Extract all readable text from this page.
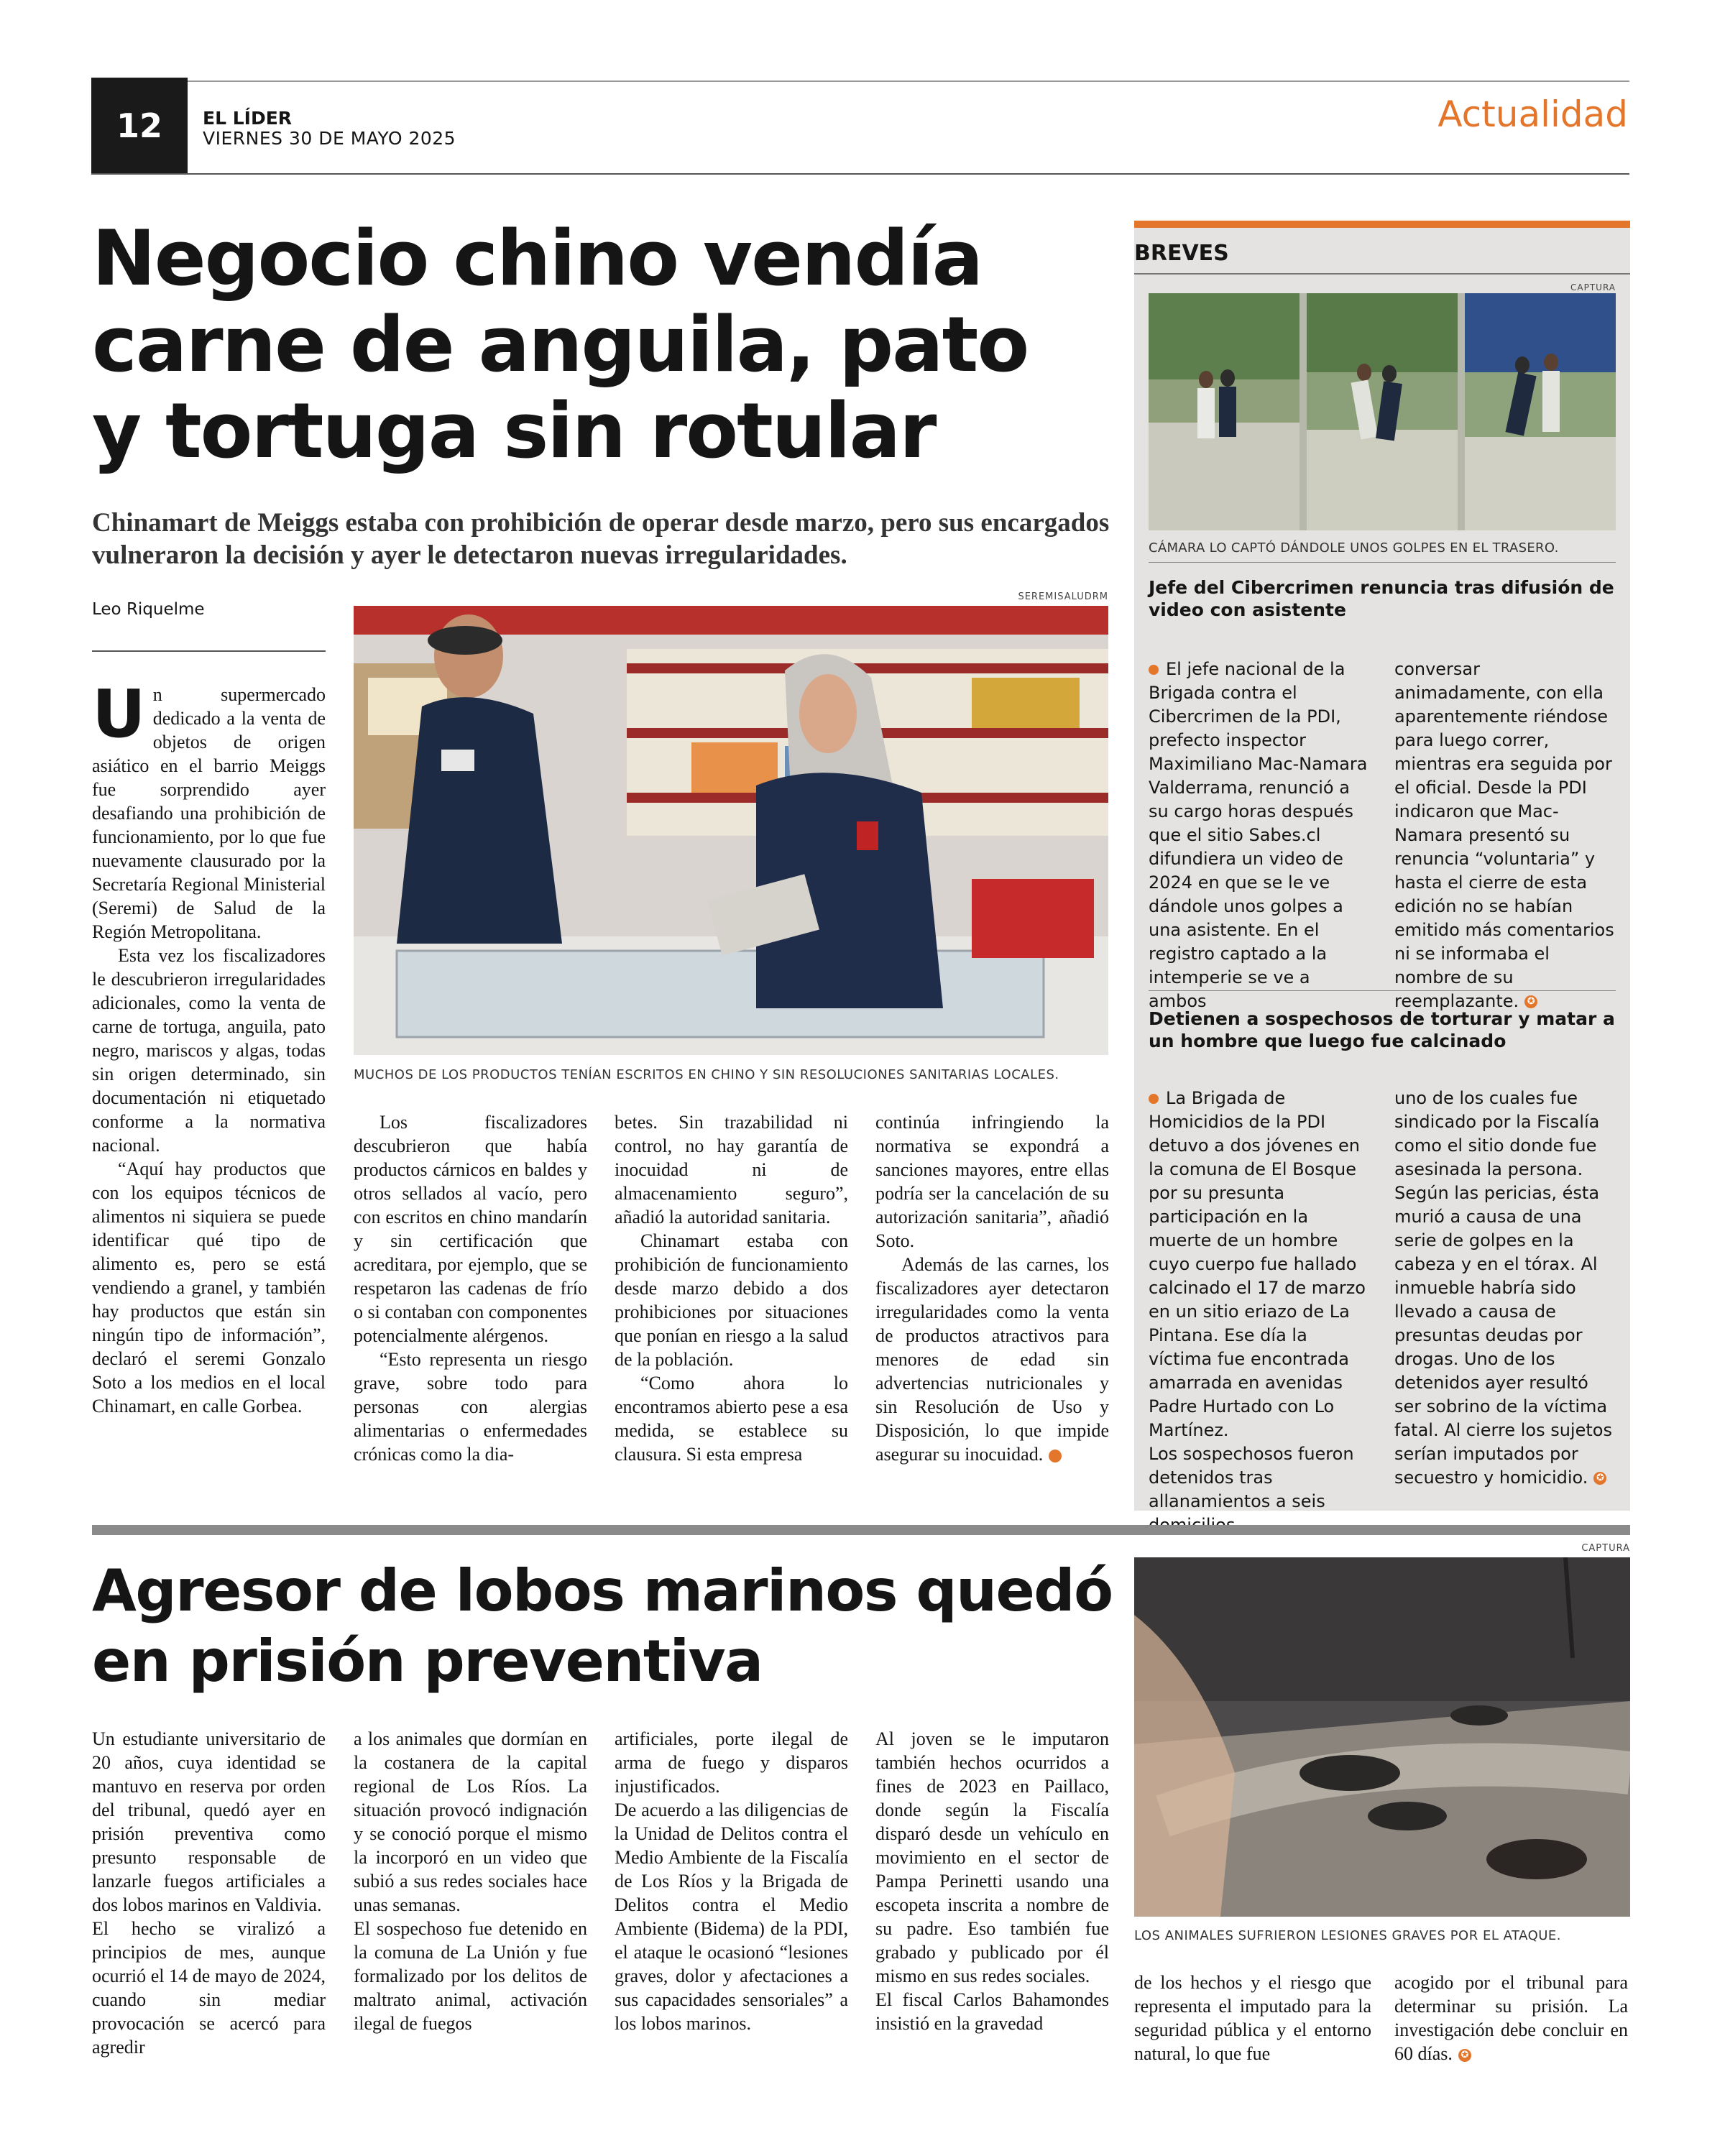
12	EL LÍDER
VIERNES 30 DE MAYO 2025
Actualidad
Negocio chino vendía carne de anguila, pato y tortuga sin rotular
Chinamart de Meiggs estaba con prohibición de operar desde marzo, pero sus encargados vulneraron la decisión y ayer le detectaron nuevas irregularidades.
Leo Riquelme

Un supermercado dedicado a la venta de objetos de origen asiático en el barrio Meiggs fue sorprendido ayer desafiando una prohibición de funcionamiento, por lo que fue nuevamente clausurado por la Secretaría Regional Ministerial (Seremi) de Salud de la Región Metropolitana.

Esta vez los fiscalizadores le descubrieron irregularidades adicionales, como la venta de carne de tortuga, anguila, pato negro, mariscos y algas, todas sin origen determinado, sin documentación ni etiquetado conforme a la normativa nacional.

“Aquí hay productos que con los equipos técnicos de alimentos ni siquiera se puede identificar qué tipo de alimento es, pero se está vendiendo a granel, y también hay productos que están sin ningún tipo de información”, declaró el seremi Gonzalo Soto a los medios en el local Chinamart, en calle Gorbea.

SEREMISALUDRM
MUCHOS DE LOS PRODUCTOS TENÍAN ESCRITOS EN CHINO Y SIN RESOLUCIONES SANITARIAS LOCALES.

Los fiscalizadores descubrieron que había productos cárnicos en baldes y otros sellados al vacío, pero con escritos en chino mandarín y sin certificación que acreditara, por ejemplo, que se respetaron las cadenas de frío o si contaban con componentes potencialmente alérgenos.

“Esto representa un riesgo grave, sobre todo para personas con alergias alimentarias o enfermedades crónicas como la dia-

betes. Sin trazabilidad ni control, no hay garantía de inocuidad ni de almacenamiento seguro”, añadió la autoridad sanitaria.

Chinamart estaba con prohibición de funcionamiento desde marzo debido a dos prohibiciones por situaciones que ponían en riesgo a la salud de la población.

“Como ahora lo encontramos abierto pese a esa medida, se establece su clausura. Si esta empresa

continúa infringiendo la normativa se expondrá a sanciones mayores, entre ellas podría ser la cancelación de su autorización sanitaria”, añadió Soto.

Además de las carnes, los fiscalizadores ayer detectaron irregularidades como la venta de productos atractivos para menores de edad sin advertencias nutricionales y sin Resolución de Uso y Disposición, lo que impide asegurar su inocuidad.	✪

BREVES
CAPTURA
CÁMARA LO CAPTÓ DÁNDOLE UNOS GOLPES EN EL TRASERO.
Jefe del Cibercrimen renuncia tras difusión de video con asistente

El jefe nacional de la Brigada contra el Cibercrimen de la PDI, prefecto inspector Maximiliano Mac-Namara Valderrama, renunció a su cargo horas después que el sitio Sabes.cl difundiera un video de 2024 en que se le ve dándole unos golpes a una asistente. En el registro captado a la intemperie se ve a ambos

conversar animadamente, con ella aparentemente riéndose para luego correr, mientras era seguida por el oficial. Desde la PDI indicaron que Mac-Namara presentó su renuncia “voluntaria” y hasta el cierre de esta edición no se habían emitido más comentarios ni se informaba el nombre de su reemplazante. ✪

Detienen a sospechosos de torturar y matar a un hombre que luego fue calcinado

La Brigada de Homicidios de la PDI detuvo a dos jóvenes en la comuna de El Bosque por su presunta participación en la muerte de un hombre cuyo cuerpo fue hallado calcinado el 17 de marzo en un sitio eriazo de La Pintana. Ese día la víctima fue encontrada amarrada en avenidas Padre Hurtado con Lo Martínez.

Los sospechosos fueron detenidos tras allanamientos a seis

uno de los cuales fue sindicado por la Fiscalía como el sitio donde fue asesinada la persona. Según las pericias, ésta murió a causa de una serie de golpes en la cabeza y en el tórax. Al inmueble habría sido llevado a causa de presuntas deudas por drogas. Uno de los detenidos ayer resultó ser sobrino de la víctima fatal. Al cierre los sujetos serían imputados por secuestro y homicidio. ✪

Agresor de lobos marinos quedó en prisión preventiva

Un estudiante universitario de 20 años, cuya identidad se mantuvo en reserva por orden del tribunal, quedó ayer en prisión preventiva como presunto responsable de lanzarle fuegos artificiales a dos lobos marinos en Valdivia.

El hecho se viralizó a principios de mes, aunque ocurrió el 14 de mayo de 2024, cuando sin mediar provocación se acercó para agredir

a los animales que dormían en la costanera de la capital regional de Los Ríos. La situación provocó indignación y se conoció porque el mismo la incorporó en un video que subió a sus redes sociales hace unas semanas.

El sospechoso fue detenido en la comuna de La Unión y fue formalizado por los delitos de maltrato animal, activación ilegal de fuegos

artificiales, porte ilegal de arma de fuego y disparos injustificados.

De acuerdo a las diligencias de la Unidad de Delitos contra el Medio Ambiente de la Fiscalía de Los Ríos y la Brigada de Delitos contra el Medio Ambiente (Bidema) de la PDI, el ataque le ocasionó “lesiones graves, dolor y afectaciones a sus capacidades sensoriales” a los lobos marinos.

Al joven se le imputaron también hechos ocurridos a fines de 2023 en Paillaco, donde según la Fiscalía disparó desde un vehículo en movimiento en el sector de Pampa Perinetti usando una escopeta inscrita a nombre de su padre. Eso también fue grabado y publicado por él mismo en sus redes sociales.

El fiscal Carlos Bahamondes insistió en la gravedad

CAPTURA
LOS ANIMALES SUFRIERON LESIONES GRAVES POR EL ATAQUE.

de los hechos y el riesgo que representa el imputado para la seguridad pública y el entorno natural, lo que fue

acogido por el tribunal para determinar su prisión. La investigación debe concluir en 60 días. ✪
